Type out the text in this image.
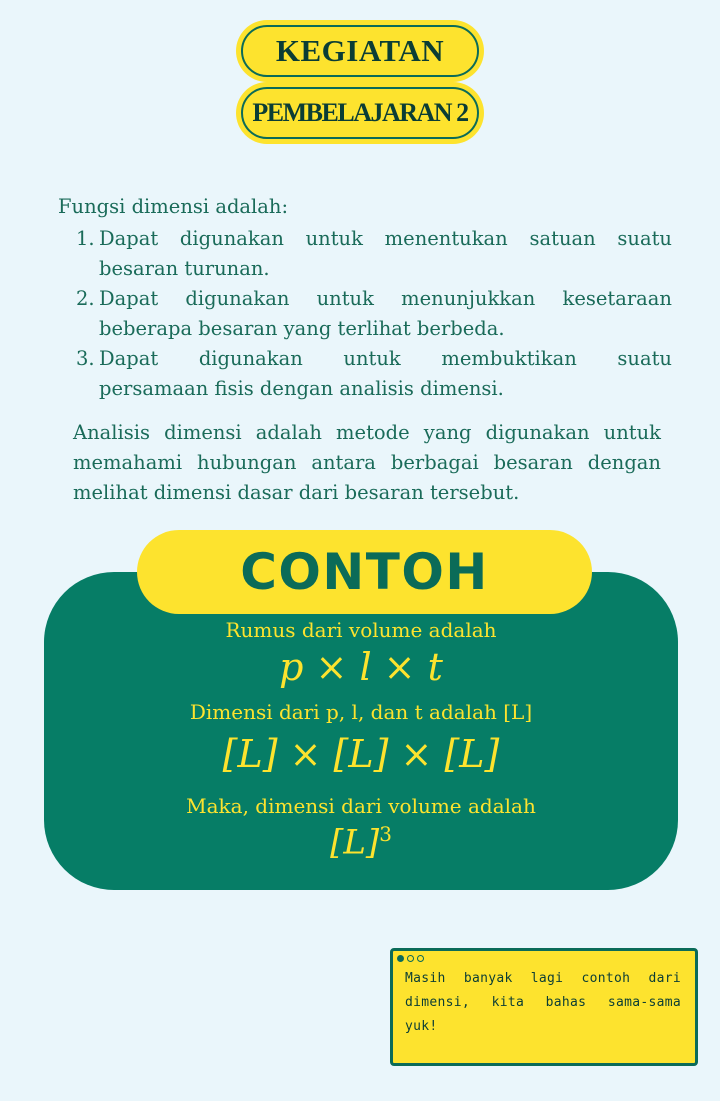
KEGIATAN
PEMBELAJARAN 2
Fungsi dimensi adalah:
1. Dapat digunakan untuk menentukan satuan suatu
besaran turunan.
2. Dapat digunakan untuk menunjukkan kesetaraan
beberapa besaran yang terlihat berbeda.
3. Dapat digunakan untuk membuktikan suatu
persamaan fisis dengan analisis dimensi.
Analisis dimensi adalah metode yang digunakan untuk memahami hubungan antara berbagai besaran dengan melihat dimensi dasar dari besaran tersebut.
CONTOH
Rumus dari volume adalah
p × l × t
Dimensi dari p, l, dan t adalah [L]
[L] × [L] × [L]
Maka, dimensi dari volume adalah
$[L]^3$
Masih banyak lagi contoh dari dimensi, kita bahas sama-sama yuk!
